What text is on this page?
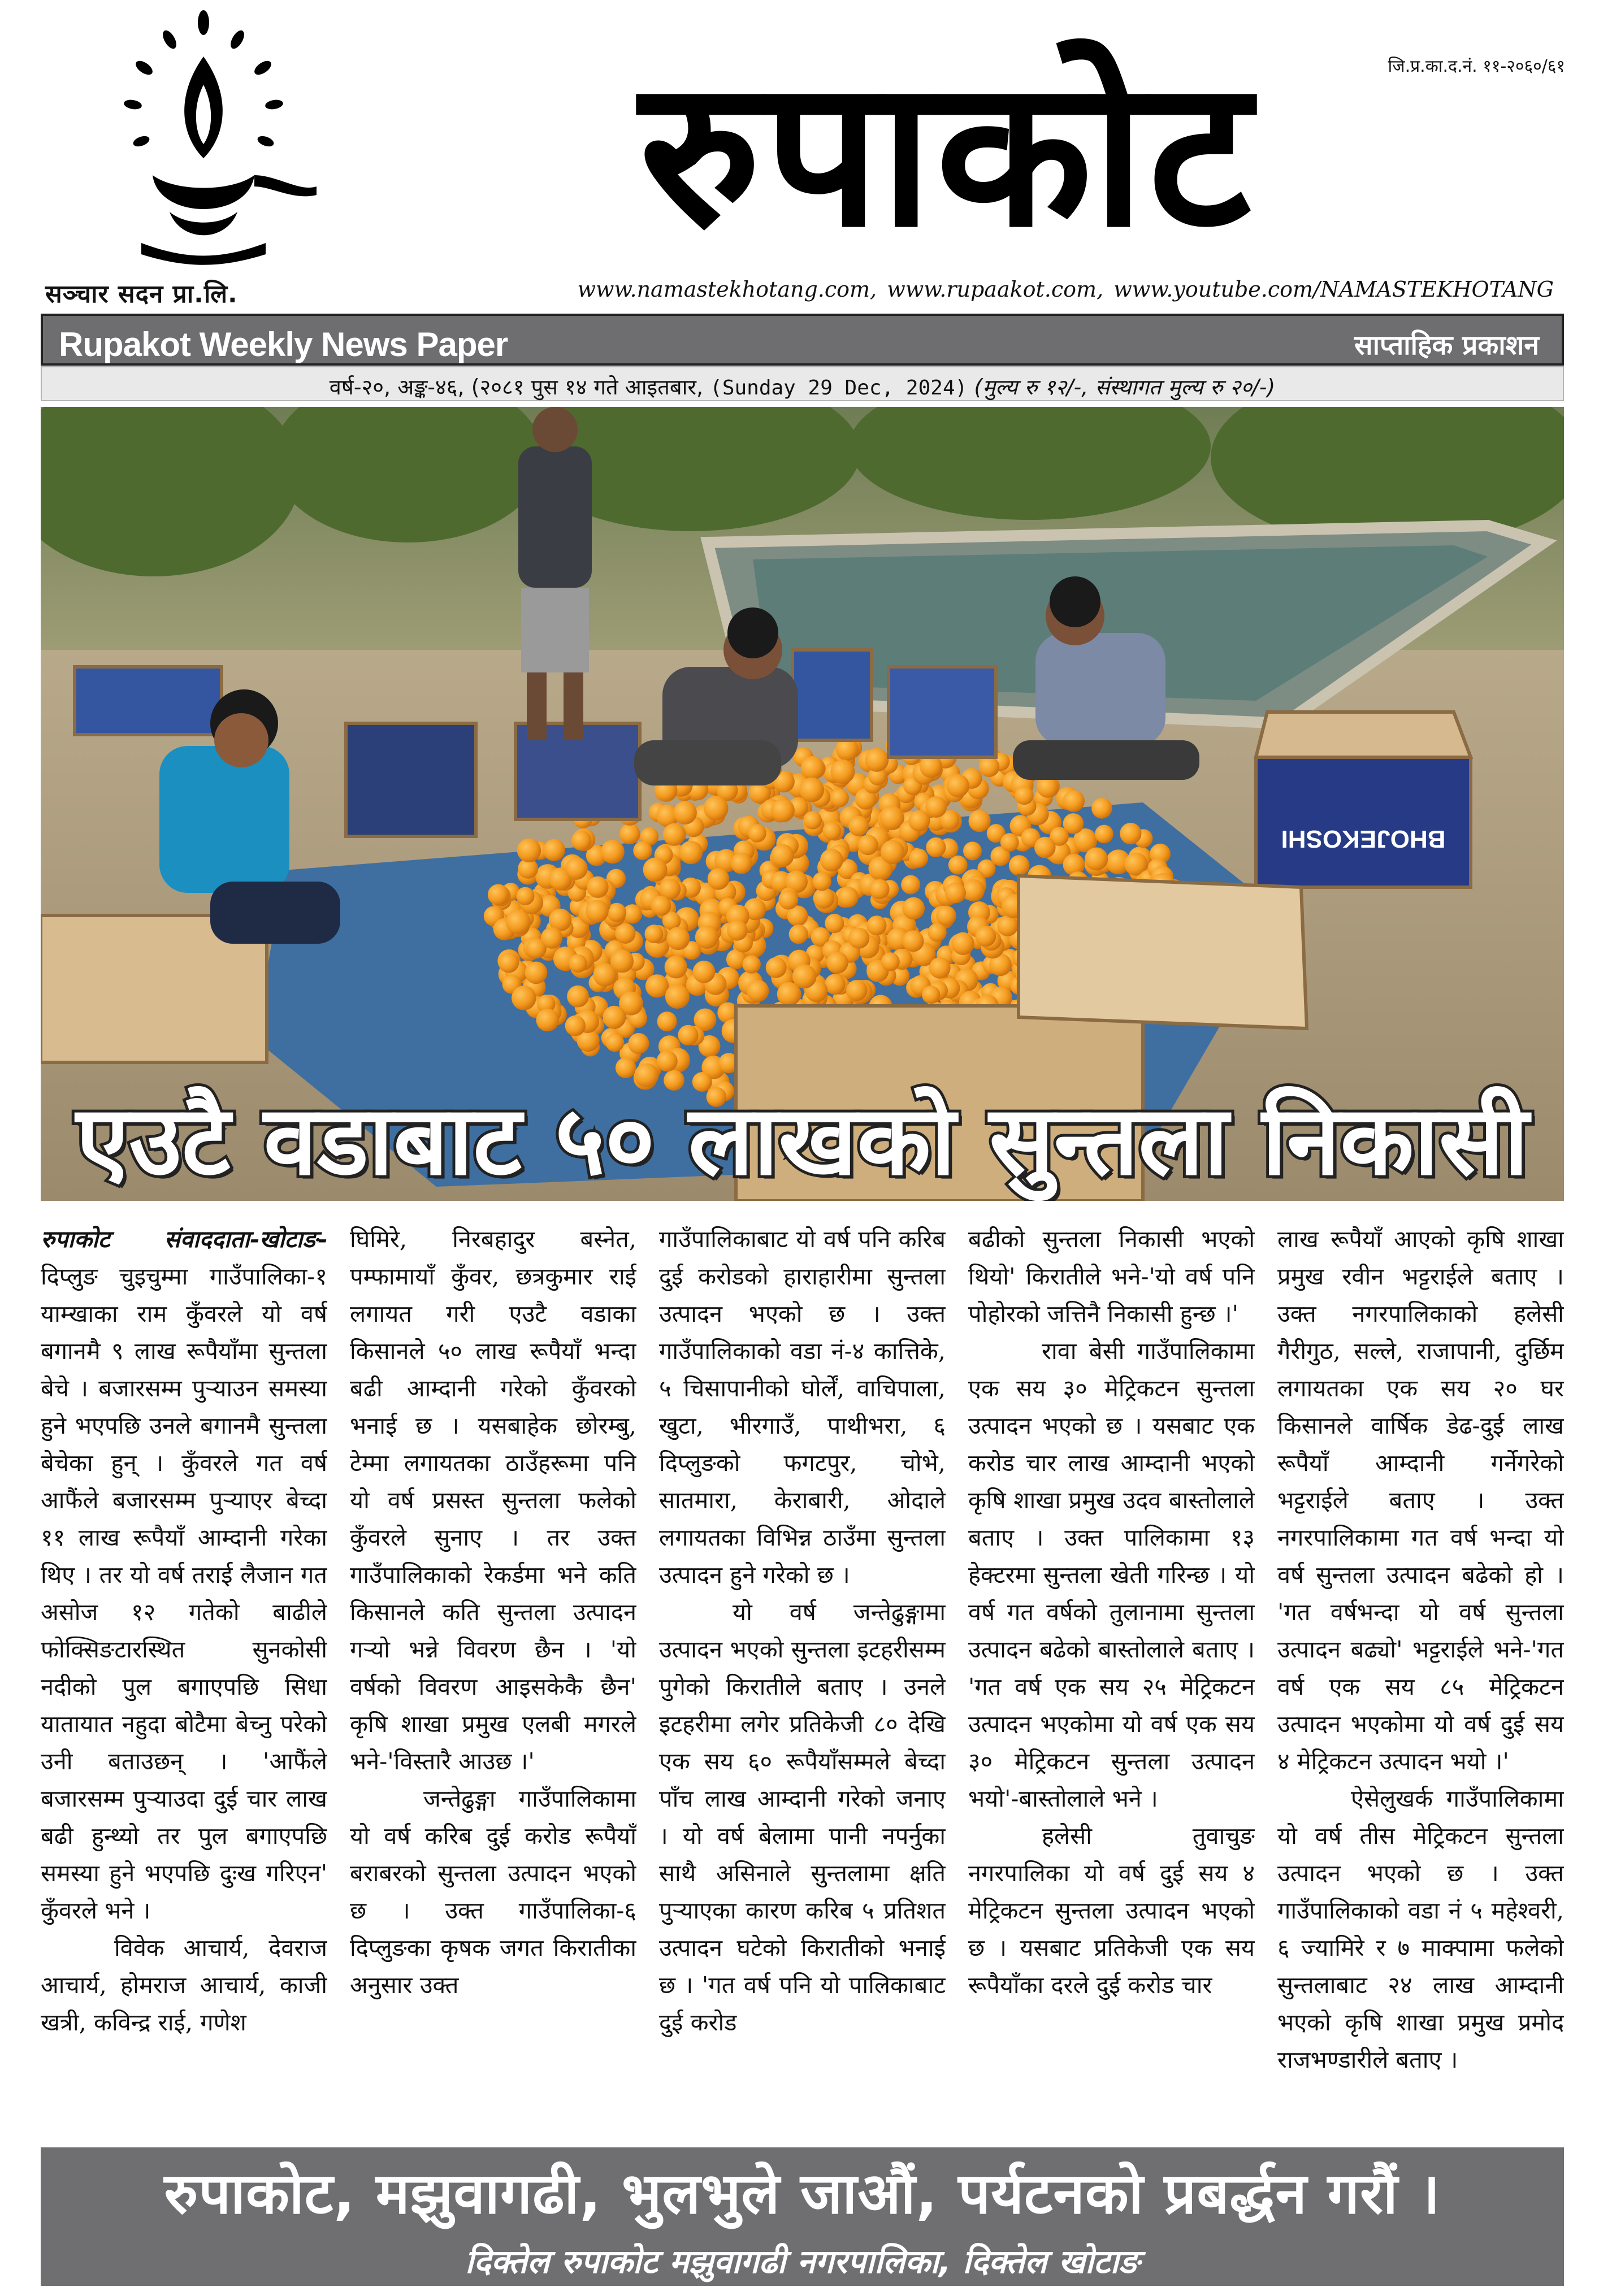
सञ्चार सदन प्रा.लि.
जि.प्र.का.द.नं. ११-२०६०/६१
रुपाकोट
www.namastekhotang.com, www.rupaakot.com, www.youtube.com/NAMASTEKHOTANG
Rupakot Weekly News Paper	साप्ताहिक प्रकाशन
वर्ष-२०, अङ्क-४६, (२०८१ पुस १४ गते आइतबार, (Sunday 29 Dec, 2024) (मुल्य रु १२/-, संस्थागत मुल्य रु २०/-)
BHOJEKOSHI
एउटै वडाबाट ५० लाखको सुन्तला निकासी

रुपाकोट संवाददाता-खोटाङ-दिप्लुङ चुइचुम्मा गाउँपालिका-१ याम्खाका राम कुँवरले यो वर्ष बगानमै ९ लाख रूपैयाँमा सुन्तला बेचे । बजारसम्म पुऱ्याउन समस्या हुने भएपछि उनले बगानमै सुन्तला बेचेका हुन् । कुँवरले गत वर्ष आफैंले बजारसम्म पुऱ्याएर बेच्दा ११ लाख रूपैयाँ आम्दानी गरेका थिए । तर यो वर्ष तराई लैजान गत असोज १२ गतेको बाढीले फोक्सिङटारस्थित सुनकोसी नदीको पुल बगाएपछि सिधा यातायात नहुदा बोटैमा बेच्नु परेको उनी बताउछन् । 'आफैंले बजारसम्म पुऱ्याउदा दुई चार लाख बढी हुन्थ्यो तर पुल बगाएपछि समस्या हुने भएपछि दुःख गरिएन' कुँवरले भने ।

विवेक आचार्य, देवराज आचार्य, होमराज आचार्य, काजी खत्री, कविन्द्र राई, गणेश

घिमिरे, निरबहादुर बस्नेत, पम्फामायाँ कुँवर, छत्रकुमार राई लगायत गरी एउटै वडाका किसानले ५० लाख रूपैयाँ भन्दा बढी आम्दानी गरेको कुँवरको भनाई छ । यसबाहेक छोरम्बु, टेम्मा लगायतका ठाउँहरूमा पनि यो वर्ष प्रसस्त सुन्तला फलेको कुँवरले सुनाए । तर उक्त गाउँपालिकाको रेकर्डमा भने कति किसानले कति सुन्तला उत्पादन गऱ्यो भन्ने विवरण छैन । 'यो वर्षको विवरण आइसकेकै छैन' कृषि शाखा प्रमुख एलबी मगरले भने-'विस्तारै आउछ ।'

जन्तेढुङ्गा गाउँपालिकामा यो वर्ष करिब दुई करोड रूपैयाँ बराबरको सुन्तला उत्पादन भएको छ । उक्त गाउँपालिका-६ दिप्लुङका कृषक जगत किरातीका अनुसार उक्त

गाउँपालिकाबाट यो वर्ष पनि करिब दुई करोडको हाराहारीमा सुन्तला उत्पादन भएको छ । उक्त गाउँपालिकाको वडा नं-४ कात्तिके, ५ चिसापानीको घोर्लें, वाचिपाला, खुटा, भीरगाउँ, पाथीभरा, ६ दिप्लुङको फगटपुर, चोभे, सातमारा, केराबारी, ओदाले लगायतका विभिन्न ठाउँमा सुन्तला उत्पादन हुने गरेको छ ।

यो वर्ष जन्तेढुङ्गामा उत्पादन भएको सुन्तला इटहरीसम्म पुगेको किरातीले बताए । उनले इटहरीमा लगेर प्रतिकेजी ८० देखि एक सय ६० रूपैयाँसम्मले बेच्दा पाँच लाख आम्दानी गरेको जनाए । यो वर्ष बेलामा पानी नपर्नुका साथै असिनाले सुन्तलामा क्षति पुऱ्याएका कारण करिब ५ प्रतिशत उत्पादन घटेको किरातीको भनाई छ । 'गत वर्ष पनि यो पालिकाबाट दुई करोड

बढीको सुन्तला निकासी भएको थियो' किरातीले भने-'यो वर्ष पनि पोहोरको जत्तिनै निकासी हुन्छ ।'

रावा बेसी गाउँपालिकामा एक सय ३० मेट्रिकटन सुन्तला उत्पादन भएको छ । यसबाट एक करोड चार लाख आम्दानी भएको कृषि शाखा प्रमुख उदव बास्तोलाले बताए । उक्त पालिकामा १३ हेक्टरमा सुन्तला खेती गरिन्छ । यो वर्ष गत वर्षको तुलानामा सुन्तला उत्पादन बढेको बास्तोलाले बताए । 'गत वर्ष एक सय २५ मेट्रिकटन उत्पादन भएकोमा यो वर्ष एक सय ३० मेट्रिकटन सुन्तला उत्पादन भयो'-बास्तोलाले भने ।

हलेसी तुवाचुङ नगरपालिका यो वर्ष दुई सय ४ मेट्रिकटन सुन्तला उत्पादन भएको छ । यसबाट प्रतिकेजी एक सय रूपैयाँका दरले दुई करोड चार

लाख रूपैयाँ आएको कृषि शाखा प्रमुख रवीन भट्टराईले बताए । उक्त नगरपालिकाको हलेसी गैरीगुठ, सल्ले, राजापानी, दुर्छिम लगायतका एक सय २० घर किसानले वार्षिक डेढ-दुई लाख रूपैयाँ आम्दानी गर्नेगरेको भट्टराईले बताए । उक्त नगरपालिकामा गत वर्ष भन्दा यो वर्ष सुन्तला उत्पादन बढेको हो । 'गत वर्षभन्दा यो वर्ष सुन्तला उत्पादन बढ्यो' भट्टराईले भने-'गत वर्ष एक सय ८५ मेट्रिकटन उत्पादन भएकोमा यो वर्ष दुई सय ४ मेट्रिकटन उत्पादन भयो ।'

ऐसेलुखर्क गाउँपालिकामा यो वर्ष तीस मेट्रिकटन सुन्तला उत्पादन भएको छ । उक्त गाउँपालिकाको वडा नं ५ महेश्वरी, ६ ज्यामिरे र ७ माक्पामा फलेको सुन्तलाबाट २४ लाख आम्दानी भएको कृषि शाखा प्रमुख प्रमोद राजभण्डारीले बताए ।

रुपाकोट, मझुवागढी, भुलभुले जाऔं, पर्यटनको प्रबर्द्धन गरौं ।
दिक्तेल रुपाकोट मझुवागढी नगरपालिका, दिक्तेल खोटाङ
